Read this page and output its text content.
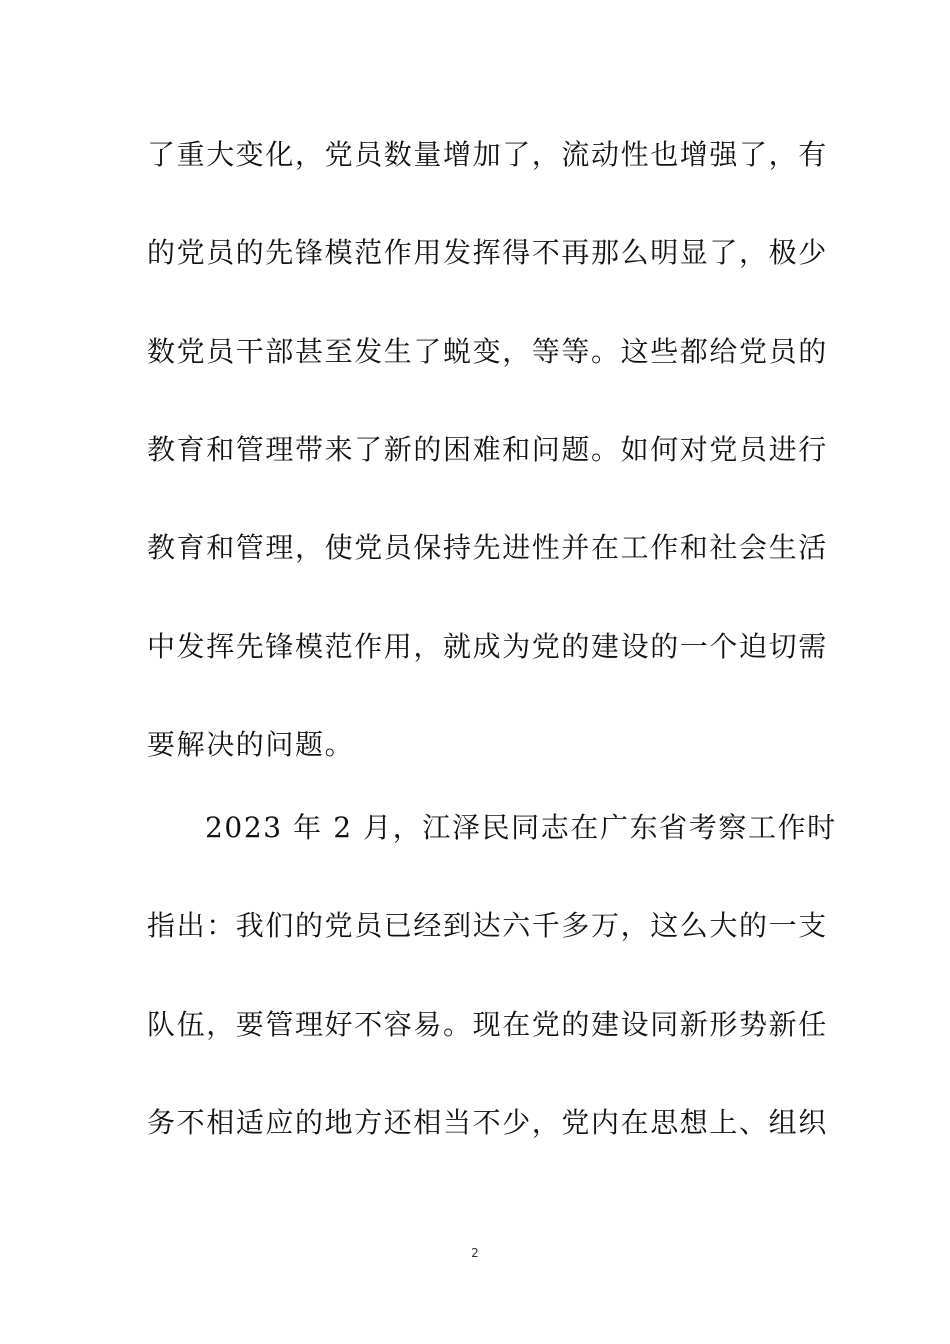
了重大变化，党员数量增加了，流动性也增强了，有
的党员的先锋模范作用发挥得不再那么明显了，极少
数党员干部甚至发生了蜕变，等等。这些都给党员的
教育和管理带来了新的困难和问题。如何对党员进行
教育和管理，使党员保持先进性并在工作和社会生活
中发挥先锋模范作用，就成为党的建设的一个迫切需
要解决的问题。
2023 年 2 月，江泽民同志在广东省考察工作时
指出：我们的党员已经到达六千多万，这么大的一支
队伍，要管理好不容易。现在党的建设同新形势新任
务不相适应的地方还相当不少，党内在思想上、组织
2
